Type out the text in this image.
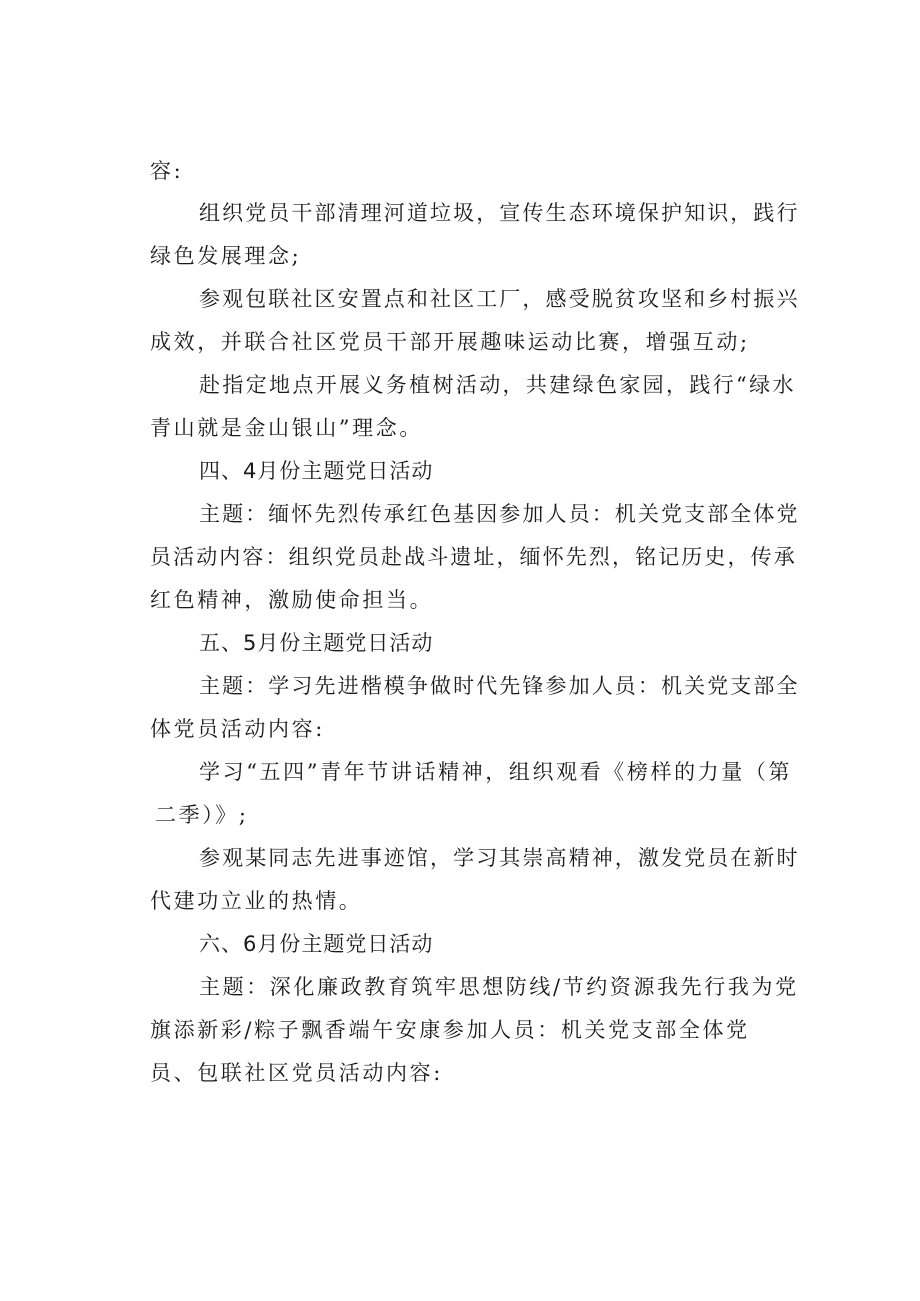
容:
组织党员干部清理河道垃圾，宣传生态环境保护知识，践行
绿色发展理念;
参观包联社区安置点和社区工厂，感受脱贫攻坚和乡村振兴
成效，并联合社区党员干部开展趣味运动比赛，增强互动;
赴指定地点开展义务植树活动，共建绿色家园，践行“绿水
青山就是金山银山”理念。
四、4月份主题党日活动
主题：缅怀先烈传承红色基因参加人员：机关党支部全体党
员活动内容：组织党员赴战斗遗址，缅怀先烈，铭记历史，传承
红色精神，激励使命担当。
五、5月份主题党日活动
主题：学习先进楷模争做时代先锋参加人员：机关党支部全
体党员活动内容:
学习“五四”青年节讲话精神，组织观看《榜样的力量（第
二季）》;
参观某同志先进事迹馆，学习其崇高精神，激发党员在新时
代建功立业的热情。
六、6月份主题党日活动
主题：深化廉政教育筑牢思想防线/节约资源我先行我为党
旗添新彩/粽子飘香端午安康参加人员：机关党支部全体党
员、包联社区党员活动内容:
